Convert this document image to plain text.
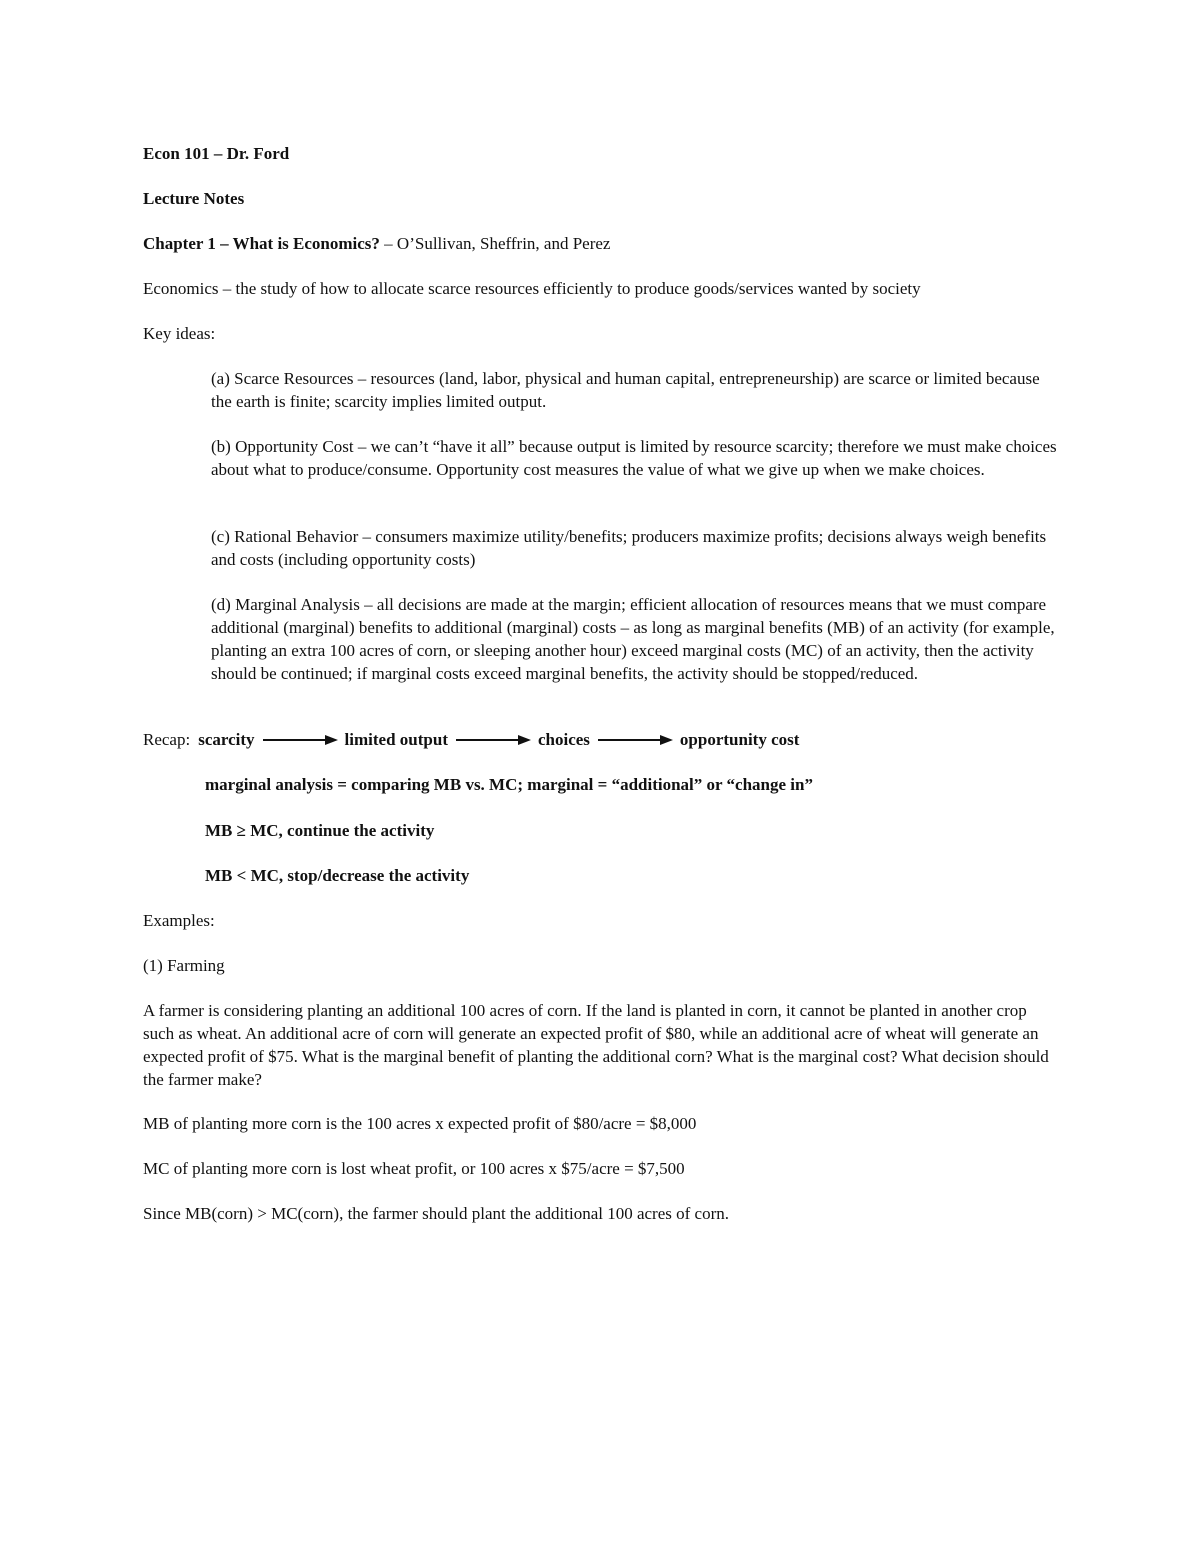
Econ 101 – Dr. Ford
Lecture Notes
Chapter 1 – What is Economics? – O’Sullivan, Sheffrin, and Perez
Economics – the study of how to allocate scarce resources efficiently to produce goods/services wanted by society
Key ideas:
(a) Scarce Resources – resources (land, labor, physical and human capital, entrepreneurship) are scarce or limited because the earth is finite; scarcity implies limited output.
(b) Opportunity Cost – we can’t “have it all” because output is limited by resource scarcity; therefore we must make choices about what to produce/consume. Opportunity cost measures the value of what we give up when we make choices.
(c) Rational Behavior – consumers maximize utility/benefits; producers maximize profits; decisions always weigh benefits and costs (including opportunity costs)
(d) Marginal Analysis – all decisions are made at the margin; efficient allocation of resources means that we must compare additional (marginal) benefits to additional (marginal) costs – as long as marginal benefits (MB) of an activity (for example, planting an extra 100 acres of corn, or sleeping another hour) exceed marginal costs (MC) of an activity, then the activity should be continued; if marginal costs exceed marginal benefits, the activity should be stopped/reduced.
Recap: scarcity	limited output	choices	opportunity cost
marginal analysis = comparing MB vs. MC; marginal = “additional” or “change in”
MB ≥ MC, continue the activity
MB < MC, stop/decrease the activity
Examples:
(1) Farming
A farmer is considering planting an additional 100 acres of corn. If the land is planted in corn, it cannot be planted in another crop such as wheat. An additional acre of corn will generate an expected profit of $80, while an additional acre of wheat will generate an expected profit of $75. What is the marginal benefit of planting the additional corn? What is the marginal cost? What decision should the farmer make?
MB of planting more corn is the 100 acres x expected profit of $80/acre = $8,000
MC of planting more corn is lost wheat profit, or 100 acres x $75/acre = $7,500
Since MB(corn) > MC(corn), the farmer should plant the additional 100 acres of corn.
